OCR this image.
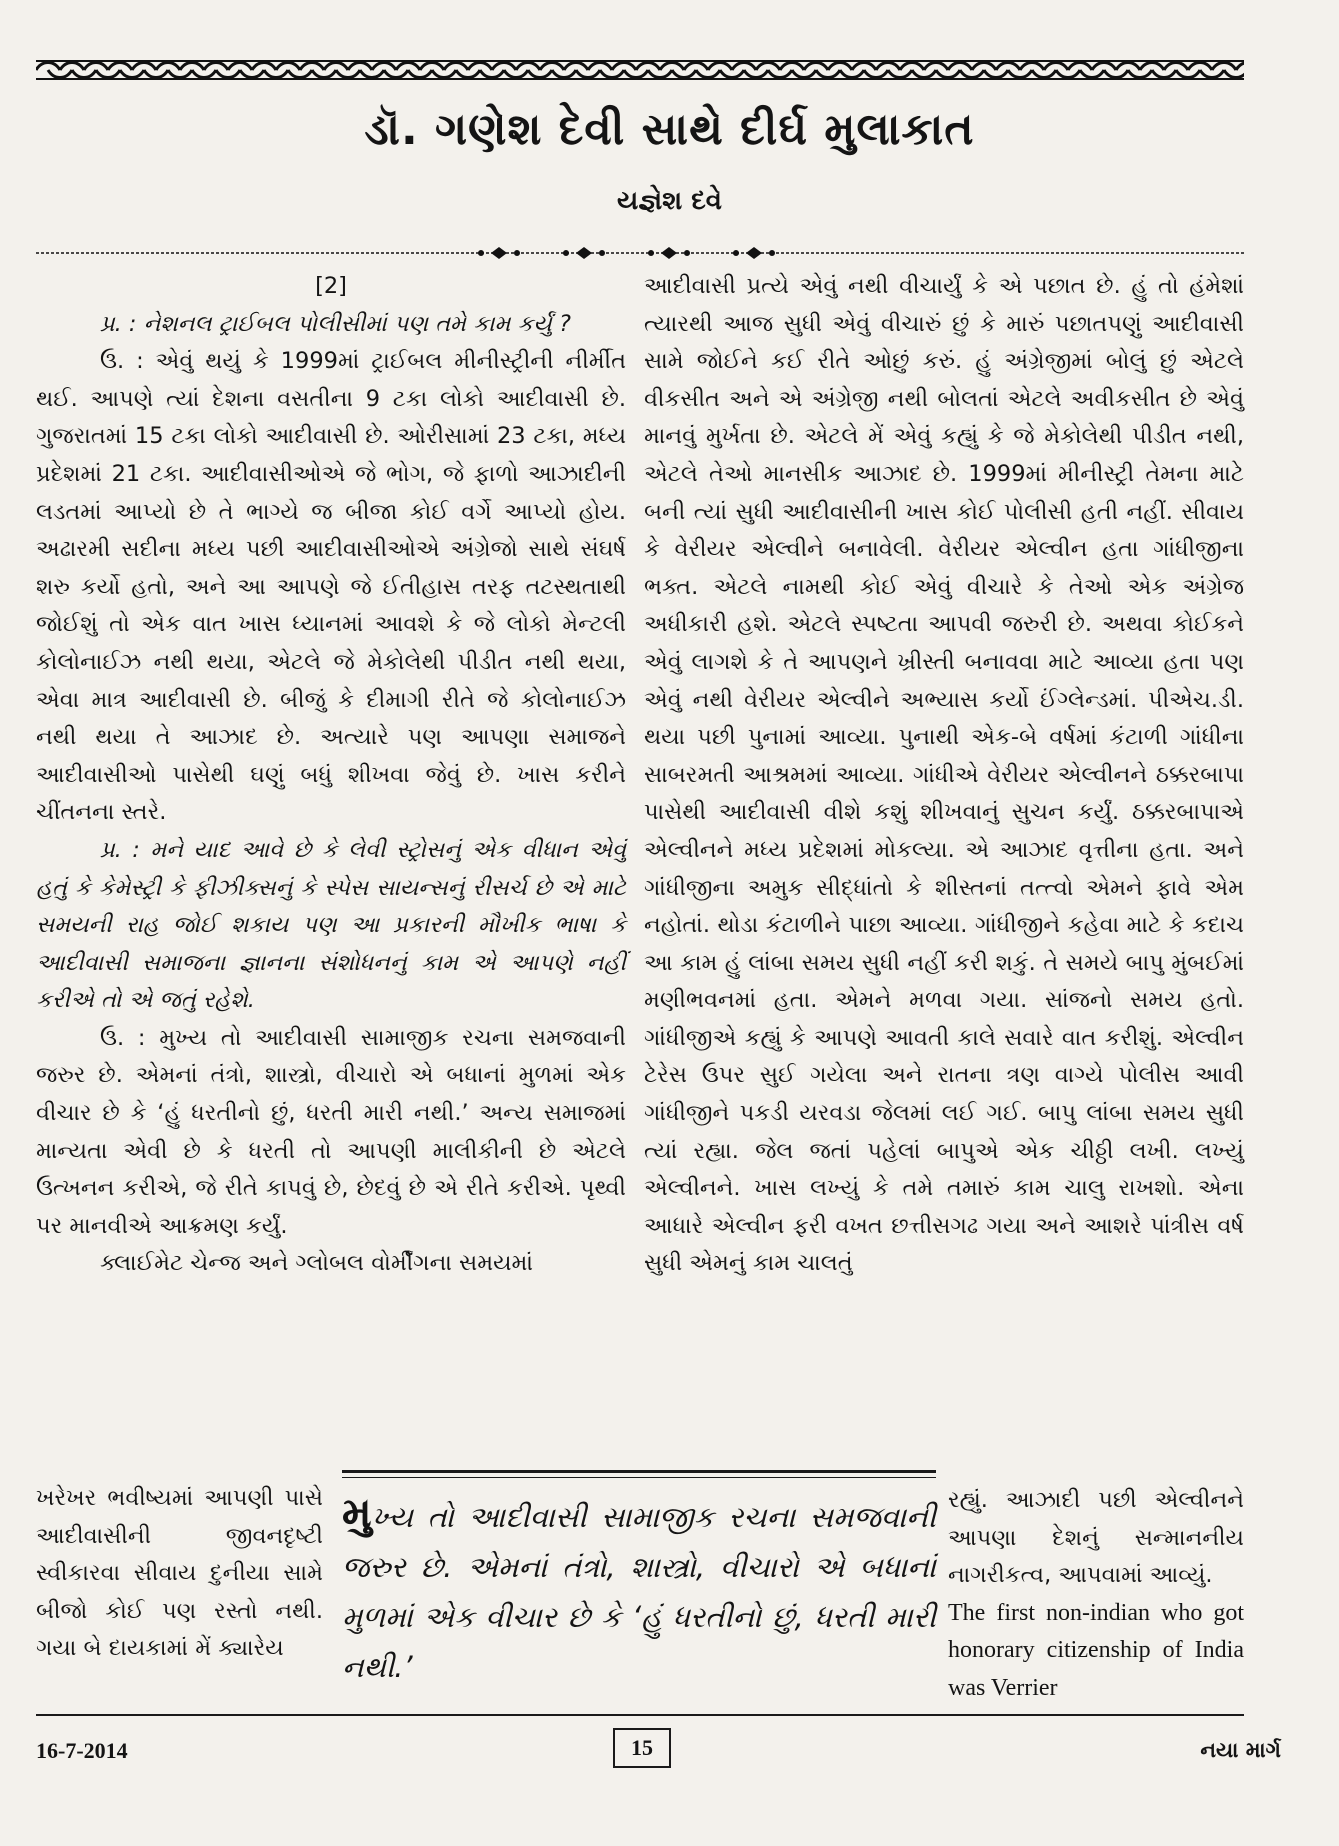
ડૉ. ગણેશ દેવી સાથે દીર્ઘ મુલાકાત
યજ્ઞેશ દવે

[2]

પ્ર. : નેશનલ ટ્રાઈબલ પોલીસીમાં પણ તમે કામ કર્યું ?

ઉ. : એવું થયું કે 1999માં ટ્રાઈબલ મીનીસ્ટ્રીની નીર્મીત થઈ. આપણે ત્યાં દેશના વસતીના 9 ટકા લોકો આદીવાસી છે. ગુજરાતમાં 15 ટકા લોકો આદીવાસી છે. ઓરીસામાં 23 ટકા, મધ્ય પ્રદેશમાં 21 ટકા. આદીવાસીઓએ જે ભોગ, જે ફાળો આઝાદીની લડતમાં આપ્યો છે તે ભાગ્યે જ બીજા કોઈ વર્ગે આપ્યો હોય. અઢારમી સદીના મધ્ય પછી આદીવાસીઓએ અંગ્રેજો સાથે સંઘર્ષ શરુ કર્યો હતો, અને આ આપણે જે ઈતીહાસ તરફ તટસ્થતાથી જોઈશું તો એક વાત ખાસ ધ્યાનમાં આવશે કે જે લોકો મેન્ટલી કોલોનાઈઝ નથી થયા, એટલે જે મેકોલેથી પીડીત નથી થયા, એવા માત્ર આદીવાસી છે. બીજું કે દીમાગી રીતે જે કોલોનાઈઝ નથી થયા તે આઝાદ છે. અત્યારે પણ આપણા સમાજને આદીવાસીઓ પાસેથી ઘણું બધું શીખવા જેવું છે. ખાસ કરીને ચીંતનના સ્તરે.

પ્ર. : મને યાદ આવે છે કે લેવી સ્ટ્રોસનું એક વીધાન એવું હતું કે કેમેસ્ટ્રી કે ફીઝીક્સનું કે સ્પેસ સાયન્સનું રીસર્ચ છે એ માટે સમયની રાહ જોઈ શકાય પણ આ પ્રકારની મૌખીક ભાષા કે આદીવાસી સમાજના જ્ઞાનના સંશોધનનું કામ એ આપણે નહીં કરીએ તો એ જતું રહેશે.

ઉ. : મુખ્ય તો આદીવાસી સામાજીક રચના સમજવાની જરુર છે. એમનાં તંત્રો, શાસ્ત્રો, વીચારો એ બધાનાં મુળમાં એક વીચાર છે કે ‘હું ધરતીનો છું, ધરતી મારી નથી.’ અન્ય સમાજમાં માન્યતા એવી છે કે ધરતી તો આપણી માલીકીની છે એટલે ઉત્ખનન કરીએ, જે રીતે કાપવું છે, છેદવું છે એ રીતે કરીએ. પૃથ્વી પર માનવીએ આક્રમણ કર્યું.

ક્લાઈમેટ ચેન્જ અને ગ્લોબલ વોર્મીંગના સમયમાં

ખરેખર ભવીષ્યમાં આપણી પાસે આદીવાસીની જીવનદૃષ્ટી સ્વીકારવા સીવાય દુનીયા સામે બીજો કોઈ પણ રસ્તો નથી. ગયા બે દાયકામાં મેં ક્યારેય

આદીવાસી પ્રત્યે એવું નથી વીચાર્યું કે એ પછાત છે. હું તો હંમેશાં ત્યારથી આજ સુધી એવું વીચારું છું કે મારું પછાતપણું આદીવાસી સામે જોઈને કઈ રીતે ઓછું કરું. હું અંગ્રેજીમાં બોલું છું એટલે વીકસીત અને એ અંગ્રેજી નથી બોલતાં એટલે અવીકસીત છે એવું માનવું મુર્ખતા છે. એટલે મેં એવું કહ્યું કે જે મેકોલેથી પીડીત નથી, એટલે તેઓ માનસીક આઝાદ છે. 1999માં મીનીસ્ટ્રી તેમના માટે બની ત્યાં સુધી આદીવાસીની ખાસ કોઈ પોલીસી હતી નહીં. સીવાય કે વેરીયર એલ્વીને બનાવેલી. વેરીયર એલ્વીન હતા ગાંધીજીના ભક્ત. એટલે નામથી કોઈ એવું વીચારે કે તેઓ એક અંગ્રેજ અધીકારી હશે. એટલે સ્પષ્ટતા આપવી જરુરી છે. અથવા કોઈકને એવું લાગશે કે તે આપણને ખ્રીસ્તી બનાવવા માટે આવ્યા હતા પણ એવું નથી વેરીયર એલ્વીને અભ્યાસ કર્યો ઈંગ્લેન્ડમાં. પીએચ.ડી. થયા પછી પુનામાં આવ્યા. પુનાથી એક-બે વર્ષમાં કંટાળી ગાંધીના સાબરમતી આશ્રમમાં આવ્યા. ગાંધીએ વેરીયર એલ્વીનને ઠક્કરબાપા પાસેથી આદીવાસી વીશે કશું શીખવાનું સુચન કર્યું. ઠક્કરબાપાએ એલ્વીનને મધ્ય પ્રદેશમાં મોકલ્યા. એ આઝાદ વૃત્તીના હતા. અને ગાંધીજીના અમુક સીદ્ધાંતો કે શીસ્તનાં તત્ત્વો એમને ફાવે એમ નહોતાં. થોડા કંટાળીને પાછા આવ્યા. ગાંધીજીને કહેવા માટે કે કદાચ આ કામ હું લાંબા સમય સુધી નહીં કરી શકું. તે સમયે બાપુ મુંબઈમાં મણીભવનમાં હતા. એમને મળવા ગયા. સાંજનો સમય હતો. ગાંધીજીએ કહ્યું કે આપણે આવતી કાલે સવારે વાત કરીશું. એલ્વીન ટેરેસ ઉપર સુઈ ગયેલા અને રાતના ત્રણ વાગ્યે પોલીસ આવી ગાંધીજીને પકડી યરવડા જેલમાં લઈ ગઈ. બાપુ લાંબા સમય સુધી ત્યાં રહ્યા. જેલ જતાં પહેલાં બાપુએ એક ચીઠ્ઠી લખી. લખ્યું એલ્વીનને. ખાસ લખ્યું કે તમે તમારું કામ ચાલુ રાખશો. એના આધારે એલ્વીન ફરી વખત છત્તીસગઢ ગયા અને આશરે પાંત્રીસ વર્ષ સુધી એમનું કામ ચાલતું

મુખ્ય તો આદીવાસી સામાજીક રચના સમજવાની જરુર છે. એમનાં તંત્રો, શાસ્ત્રો, વીચારો એ બધાનાં મુળમાં એક વીચાર છે કે ‘હું ધરતીનો છું, ધરતી મારી નથી.’
રહ્યું. આઝાદી પછી એલ્વીનને આપણા દેશનું સન્માનનીય નાગરીકત્વ, આપવામાં આવ્યું.
The first non-indian who got honorary citizenship of India was Verrier
16-7-2014	15	નયા માર્ગ
